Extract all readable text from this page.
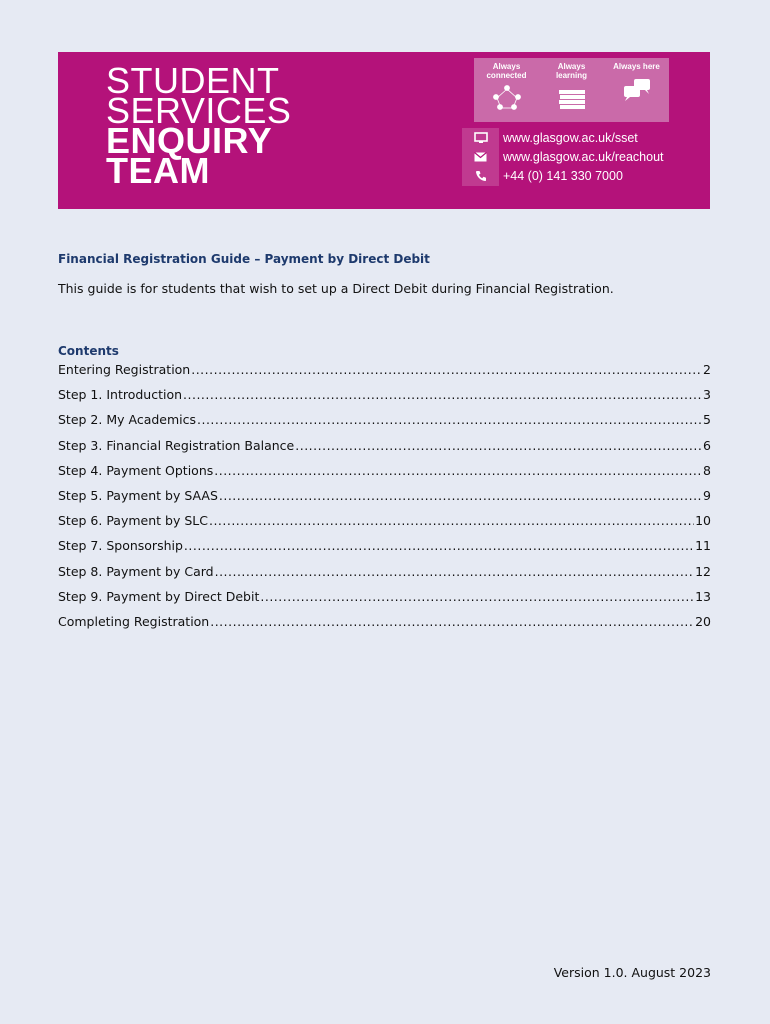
STUDENT
SERVICES
ENQUIRY
TEAM
Always connected
Always learning
Always here
www.glasgow.ac.uk/sset
www.glasgow.ac.uk/reachout
+44 (0) 141 330 7000
Financial Registration Guide – Payment by Direct Debit
This guide is for students that wish to set up a Direct Debit during Financial Registration.
Contents
Entering Registration .....	2
Step 1. Introduction .....	3
Step 2. My Academics .....	5
Step 3. Financial Registration Balance .....	6
Step 4. Payment Options .....	8
Step 5. Payment by SAAS .....	9
Step 6. Payment by SLC .....	10
Step 7. Sponsorship .....	11
Step 8. Payment by Card .....	12
Step 9. Payment by Direct Debit .....	13
Completing Registration .....	20
Version 1.0. August 2023
